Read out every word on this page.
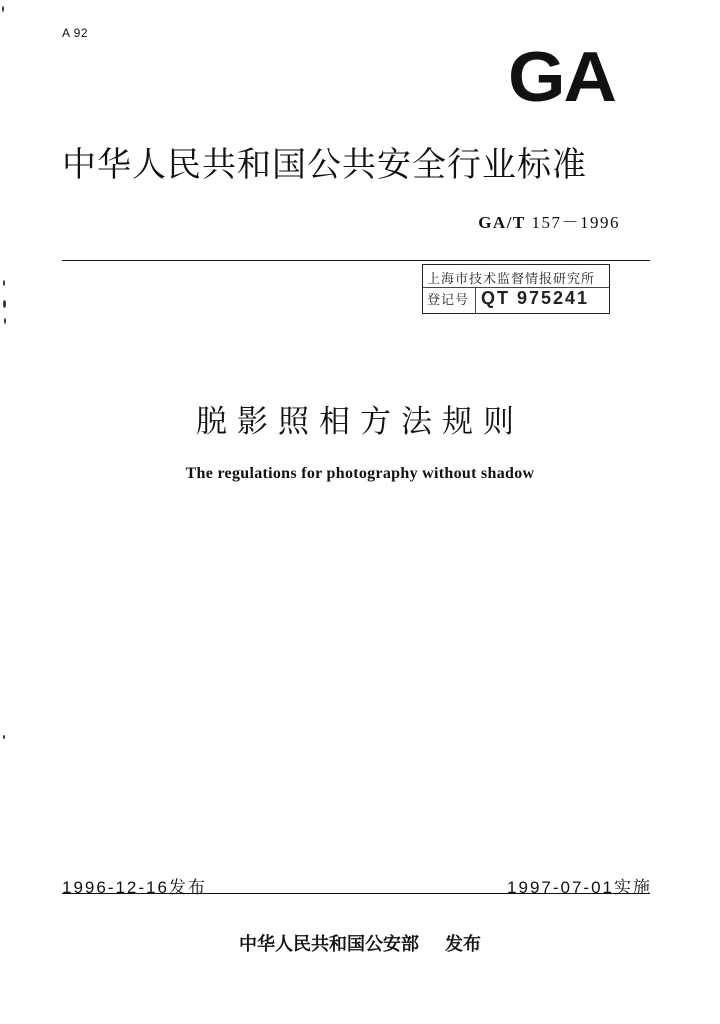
A 92
GA
中华人民共和国公共安全行业标准
GA/T 157－1996
上海市技术监督情报研究所
登记号 QT 975241
脱影照相方法规则
The regulations for photography without shadow
1996-12-16发布	1997-07-01实施
中华人民共和国公安部 发布
